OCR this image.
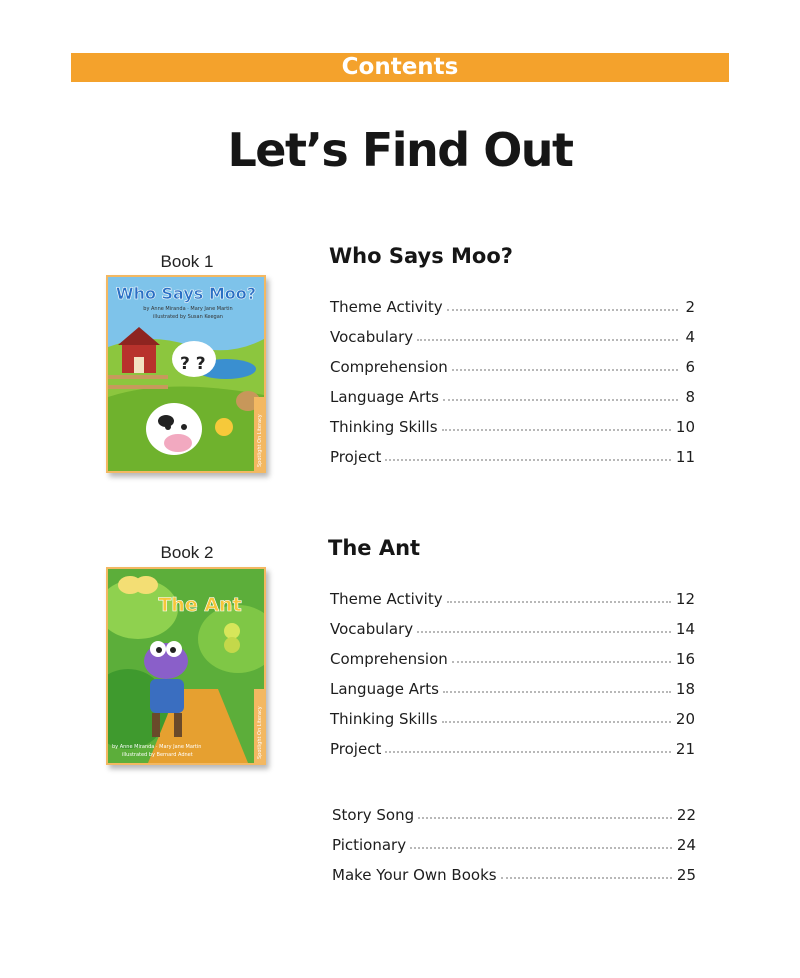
Contents
Let’s Find Out
Book 1
? ?
Who Says Moo?
by Anne Miranda · Mary Jane Martin
illustrated by Susan Keegan
Spotlight On Literacy
Who Says Moo?
Theme Activity	2
Vocabulary	4
Comprehension	6
Language Arts	8
Thinking Skills	10
Project	11
Book 2
The Ant
by Anne Miranda · Mary Jane Martin
illustrated by Bernard Adnet	Spotlight On Literacy
The Ant
Theme Activity	12
Vocabulary	14
Comprehension	16
Language Arts	18
Thinking Skills	20
Project	21
Story Song	22
Pictionary	24
Make Your Own Books	25
